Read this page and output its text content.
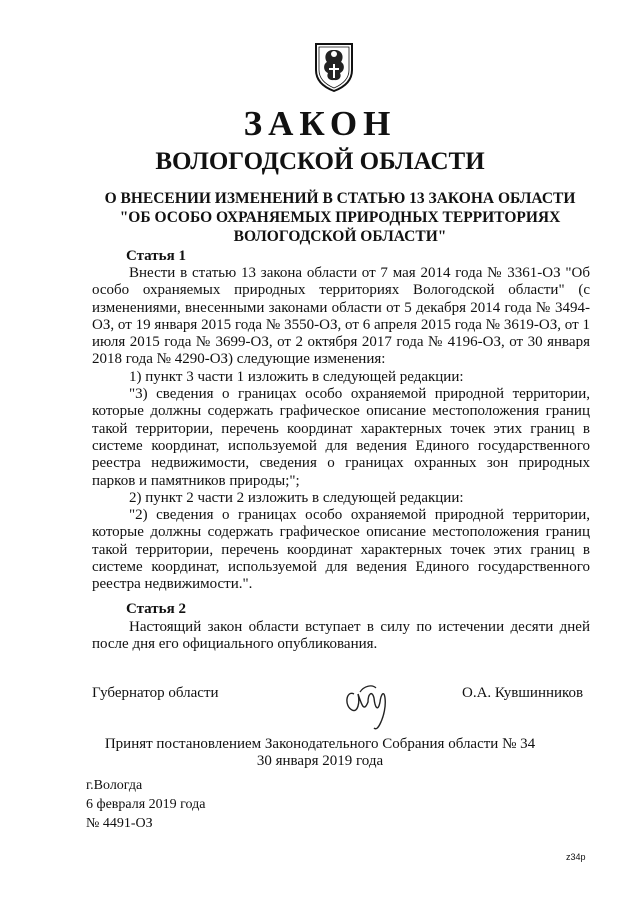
ЗАКОН
ВОЛОГОДСКОЙ ОБЛАСТИ
О ВНЕСЕНИИ ИЗМЕНЕНИЙ В СТАТЬЮ 13 ЗАКОНА ОБЛАСТИ
"ОБ ОСОБО ОХРАНЯЕМЫХ ПРИРОДНЫХ ТЕРРИТОРИЯХ
ВОЛОГОДСКОЙ ОБЛАСТИ"
Статья 1

Внести в статью 13 закона области от 7 мая 2014 года № 3361-ОЗ "Об особо охраняемых природных территориях Вологодской области" (с изменениями, внесенными законами области от 5 декабря 2014 года № 3494-ОЗ, от 19 января 2015 года № 3550-ОЗ, от 6 апреля 2015 года № 3619-ОЗ, от 1 июля 2015 года № 3699-ОЗ, от 2 октября 2017 года № 4196-ОЗ, от 30 января 2018 года № 4290-ОЗ) следующие изменения:

1) пункт 3 части 1 изложить в следующей редакции:

"3) сведения о границах особо охраняемой природной территории, которые должны содержать графическое описание местоположения границ такой территории, перечень координат характерных точек этих границ в системе координат, используемой для ведения Единого государственного реестра недвижимости, сведения о границах охранных зон природных парков и памятников природы;";

2) пункт 2 части 2 изложить в следующей редакции:

"2) сведения о границах особо охраняемой природной территории, которые должны содержать графическое описание местоположения границ такой территории, перечень координат характерных точек этих границ в системе координат, используемой для ведения Единого государственного реестра недвижимости.".

Статья 2

Настоящий закон области вступает в силу по истечении десяти дней после дня его официального опубликования.

Губернатор области	О.А. Кувшинников
Принят постановлением Законодательного Собрания области № 34
30 января 2019 года
г.Вологда
6 февраля 2019 года
№ 4491-ОЗ
z34p
